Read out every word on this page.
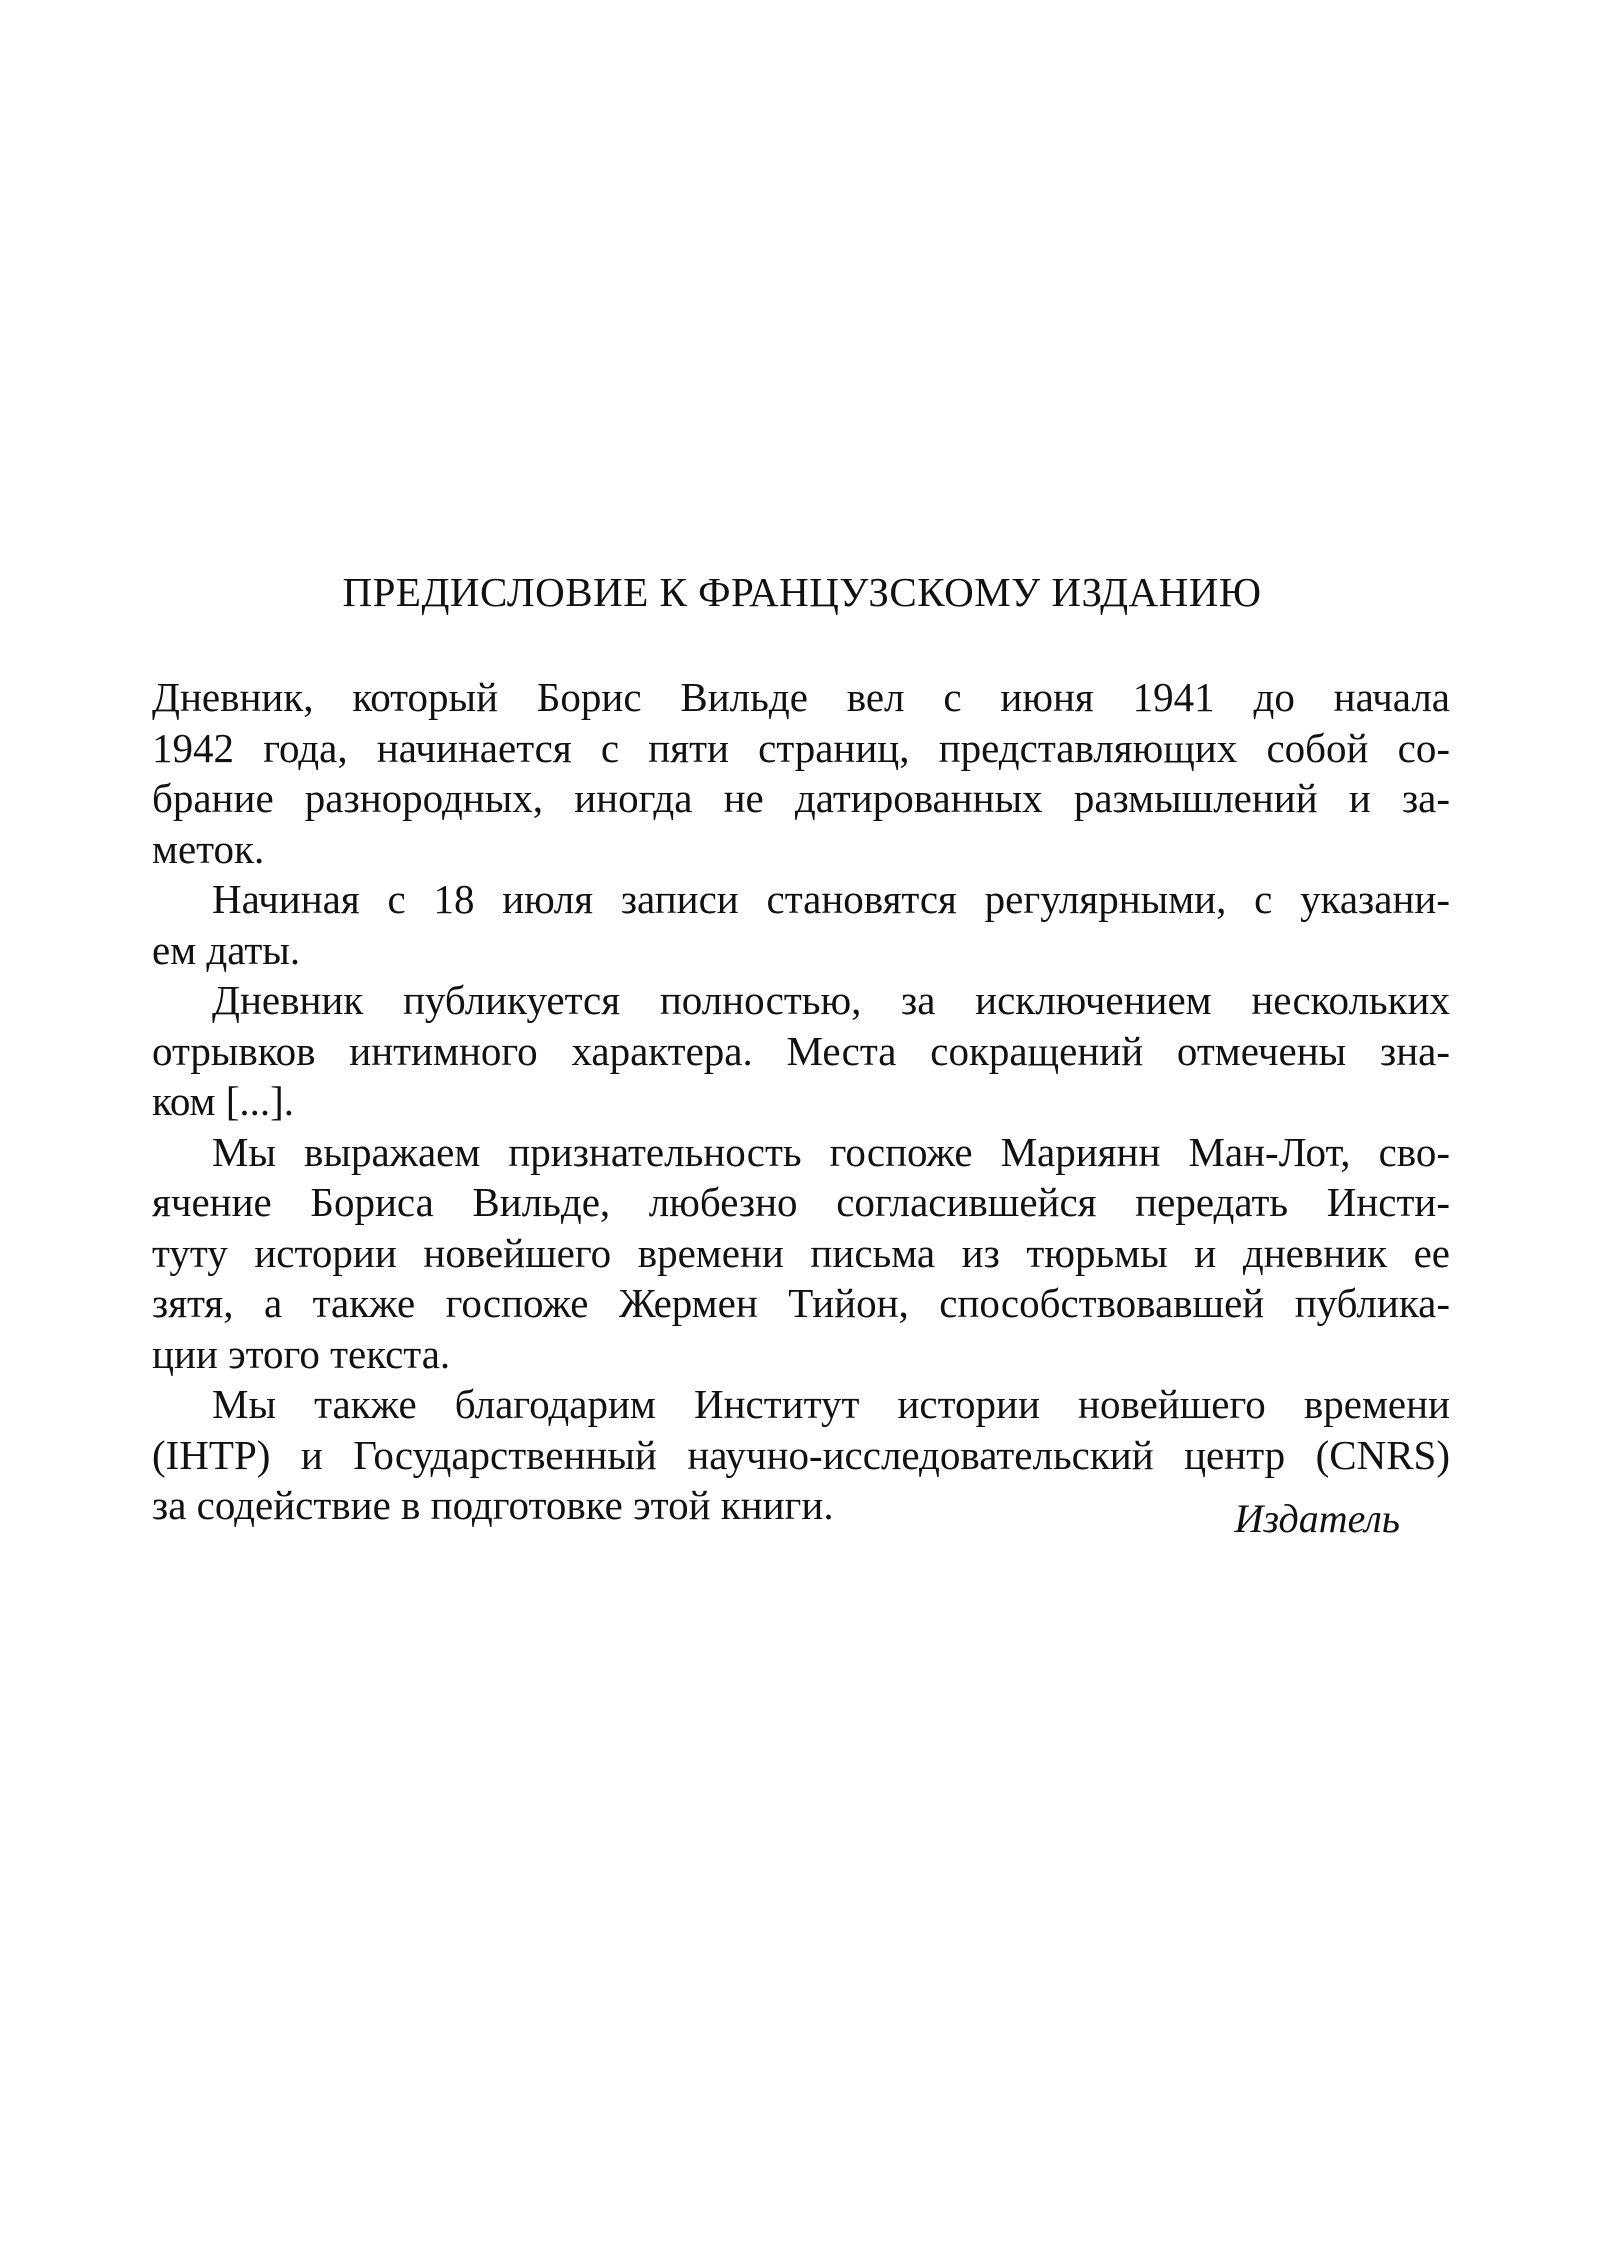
ПРЕДИСЛОВИЕ К ФРАНЦУЗСКОМУ ИЗДАНИЮ
Дневник, который Борис Вильде вел с июня 1941 до начала
1942 года, начинается с пяти страниц, представляющих собой со-
брание разнородных, иногда не датированных размышлений и за-
меток.
Начиная с 18 июля записи становятся регулярными, с указани-
ем даты.
Дневник публикуется полностью, за исключением нескольких
отрывков интимного характера. Места сокращений отмечены зна-
ком [...].
Мы выражаем признательность госпоже Мариянн Ман-Лот, сво-
ячение Бориса Вильде, любезно согласившейся передать Инсти-
туту истории новейшего времени письма из тюрьмы и дневник ее
зятя, а также госпоже Жермен Тийон, способствовавшей публика-
ции этого текста.
Мы также благодарим Институт истории новейшего времени
(IHTP) и Государственный научно-исследовательский центр (CNRS)
за содействие в подготовке этой книги.	Издатель
